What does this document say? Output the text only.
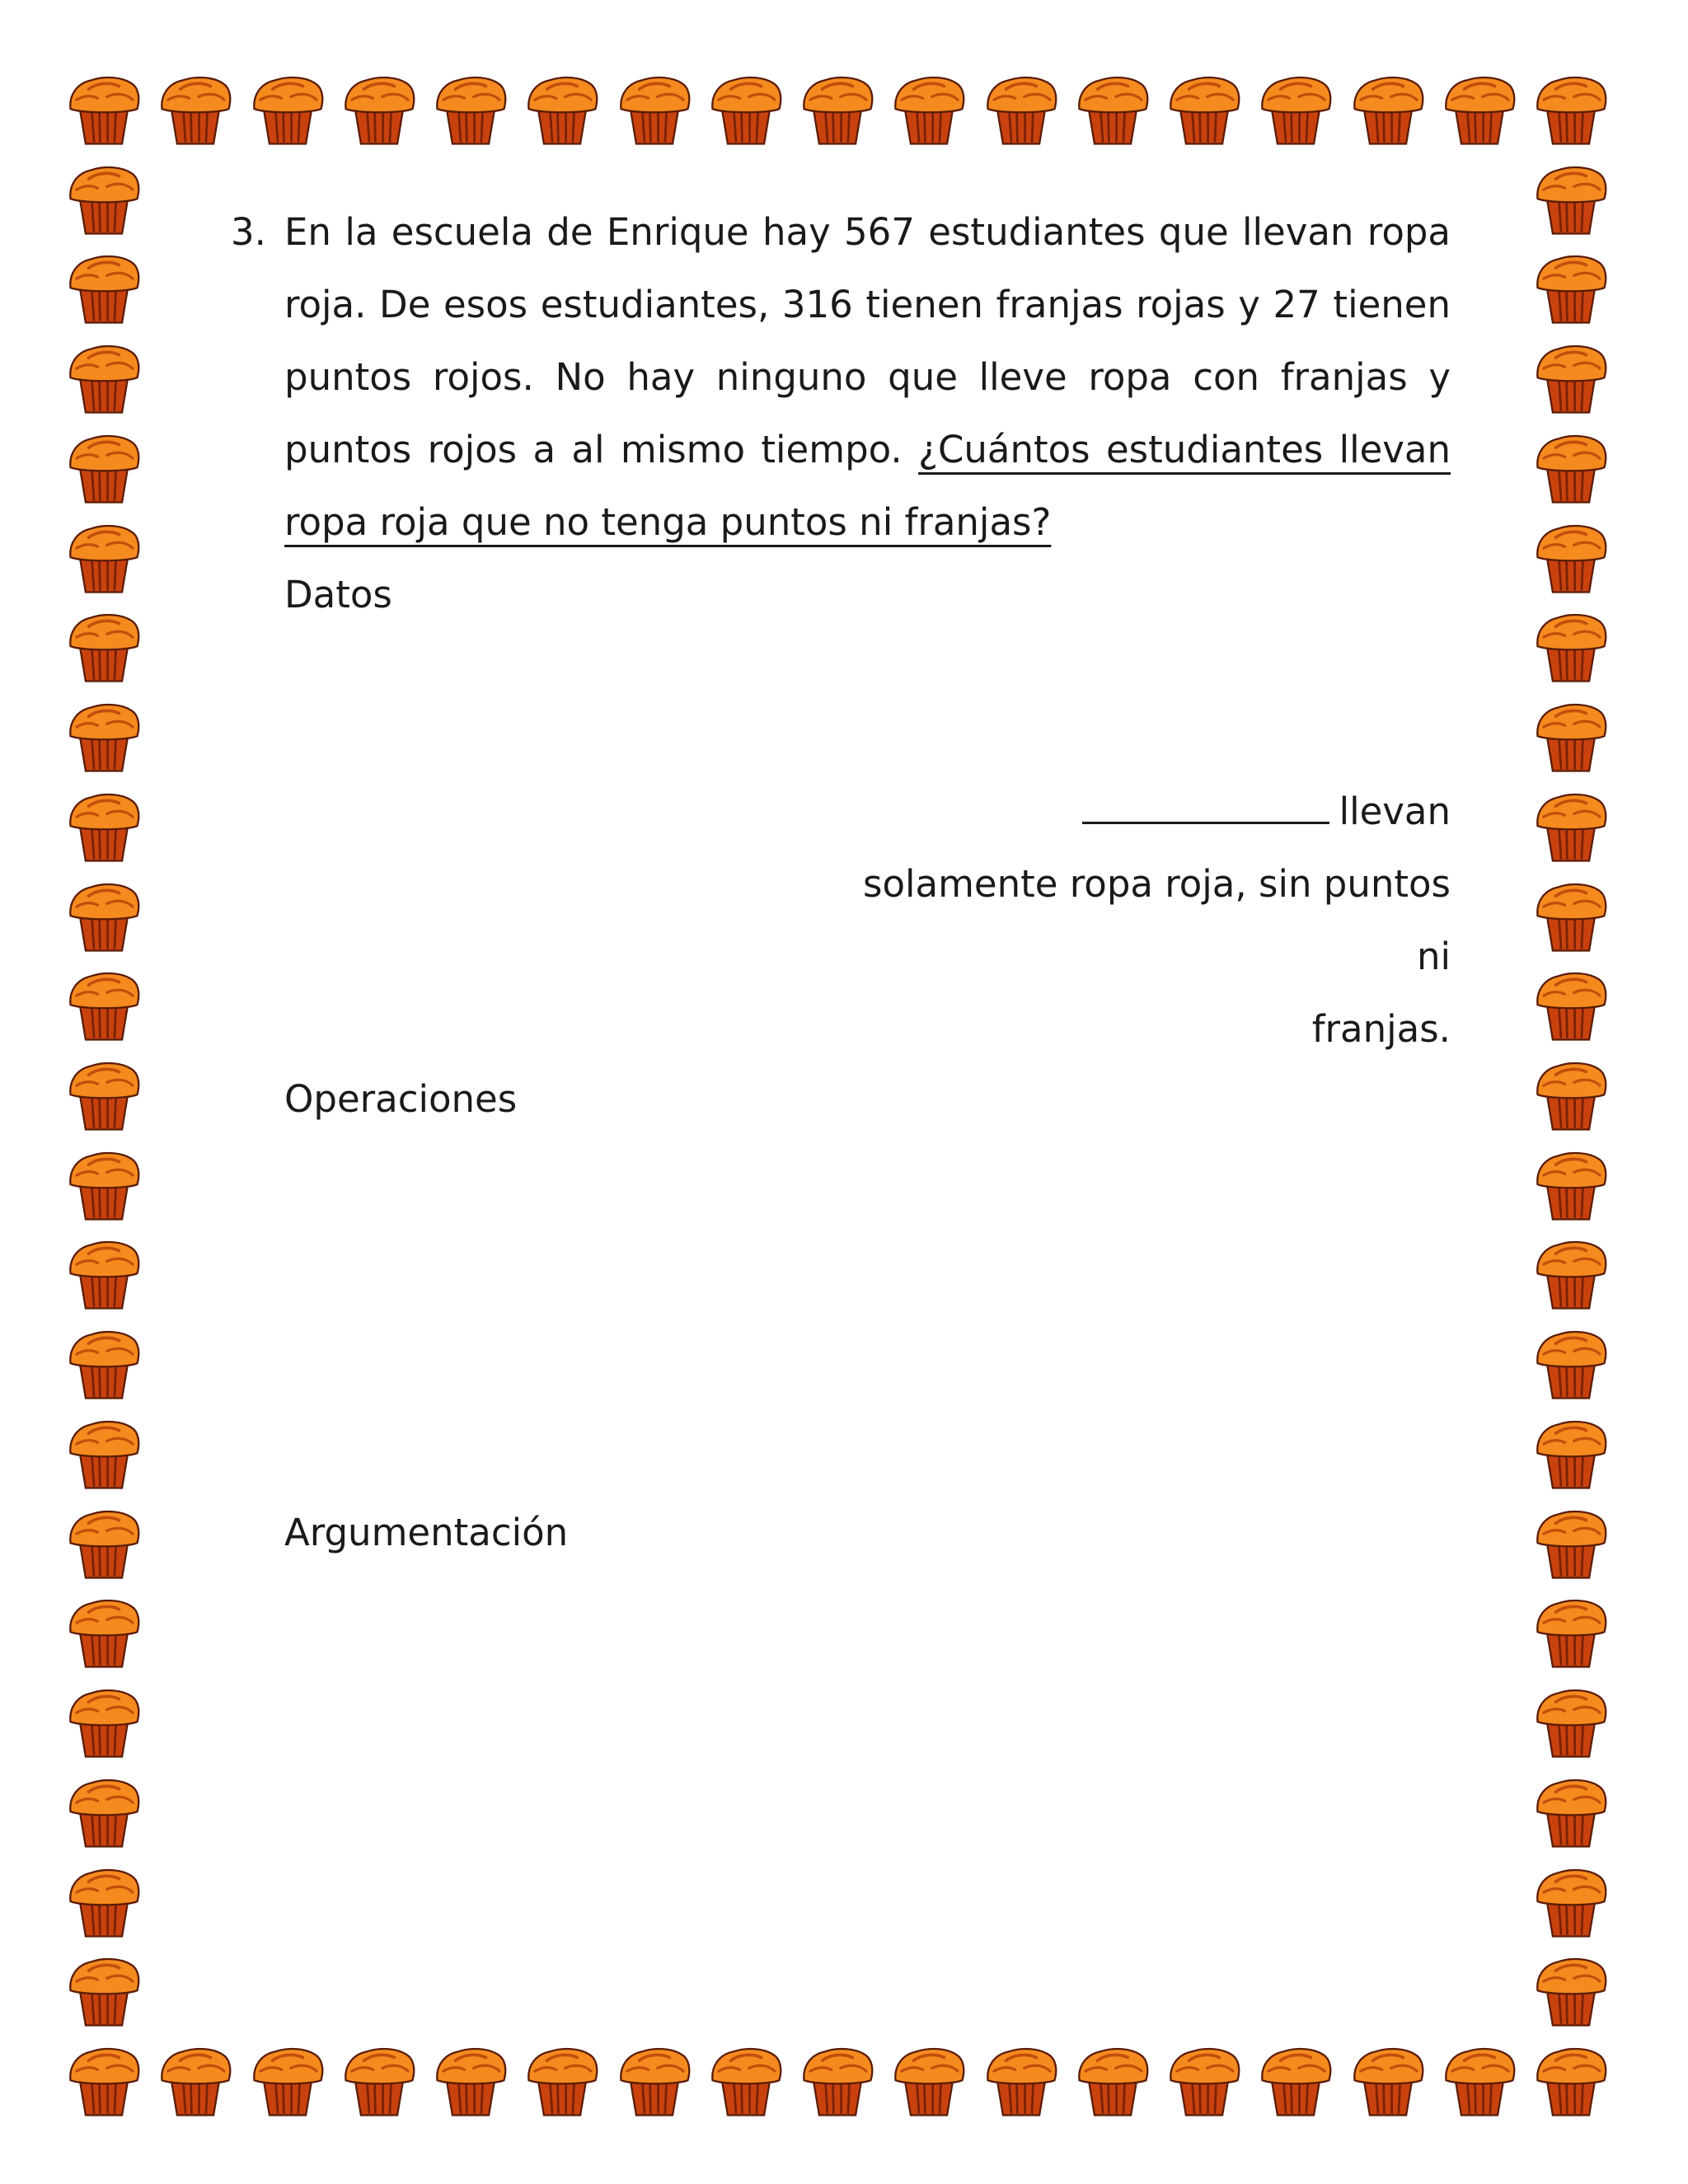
3. En la escuela de Enrique hay 567 estudiantes que llevan ropa roja. De esos estudiantes, 316 tienen franjas rojas y 27 tienen puntos rojos. No hay ninguno que lleve ropa con franjas y puntos rojos a al mismo tiempo. ¿Cuántos estudiantes llevan ropa roja que no tenga puntos ni franjas?

Datos

llevan
solamente ropa roja, sin puntos ni
franjas.

Operaciones

Argumentación
